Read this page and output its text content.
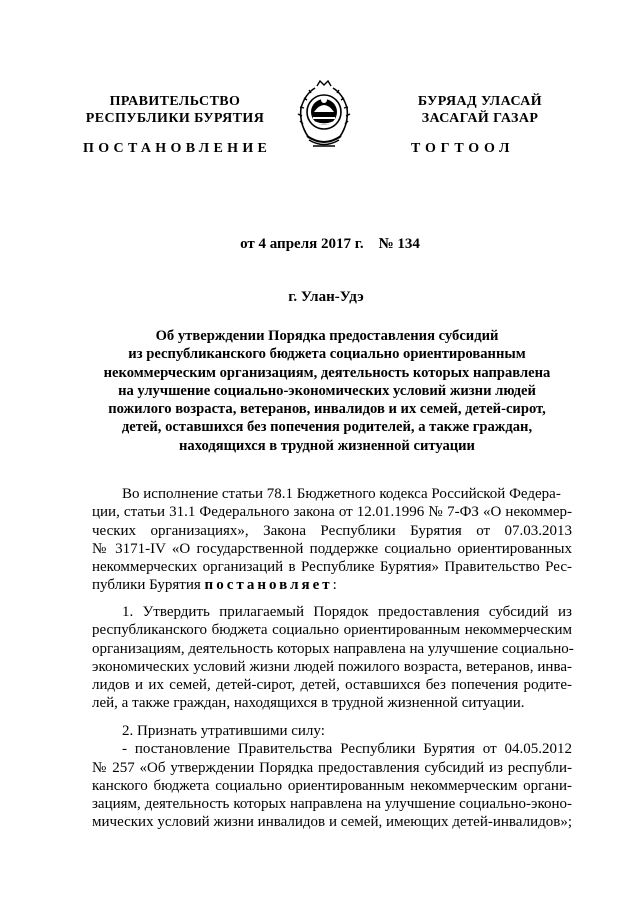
ПРАВИТЕЛЬСТВО
РЕСПУБЛИКИ БУРЯТИЯ
БУРЯАД УЛАСАЙ
ЗАСАГАЙ ГАЗАР
ПОСТАНОВЛЕНИЕ	ТОГТООЛ
от 4 апреля 2017 г.    № 134
г. Улан-Удэ
Об утверждении Порядка предоставления субсидий
из республиканского бюджета социально ориентированным
некоммерческим организациям, деятельность которых направлена
на улучшение социально-экономических условий жизни людей
пожилого возраста, ветеранов, инвалидов и их семей, детей-сирот,
детей, оставшихся без попечения родителей, а также граждан,
находящихся в трудной жизненной ситуации
Во исполнение статьи 78.1 Бюджетного кодекса Российской Федера-
ции, статьи 31.1 Федерального закона от 12.01.1996 № 7-ФЗ «О некоммер-
ческих организациях», Закона Республики Бурятия от 07.03.2013
№ 3171-IV «О государственной поддержке социально ориентированных
некоммерческих организаций в Республике Бурятия» Правительство Рес-
публики Бурятия постановляет:
1. Утвердить прилагаемый Порядок предоставления субсидий из
республиканского бюджета социально ориентированным некоммерческим
организациям, деятельность которых направлена на улучшение социально-
экономических условий жизни людей пожилого возраста, ветеранов, инва-
лидов и их семей, детей-сирот, детей, оставшихся без попечения родите-
лей, а также граждан, находящихся в трудной жизненной ситуации.
2. Признать утратившими силу:
- постановление Правительства Республики Бурятия от 04.05.2012
№ 257 «Об утверждении Порядка предоставления субсидий из республи-
канского бюджета социально ориентированным некоммерческим органи-
зациям, деятельность которых направлена на улучшение социально-эконо-
мических условий жизни инвалидов и семей, имеющих детей-инвалидов»;
